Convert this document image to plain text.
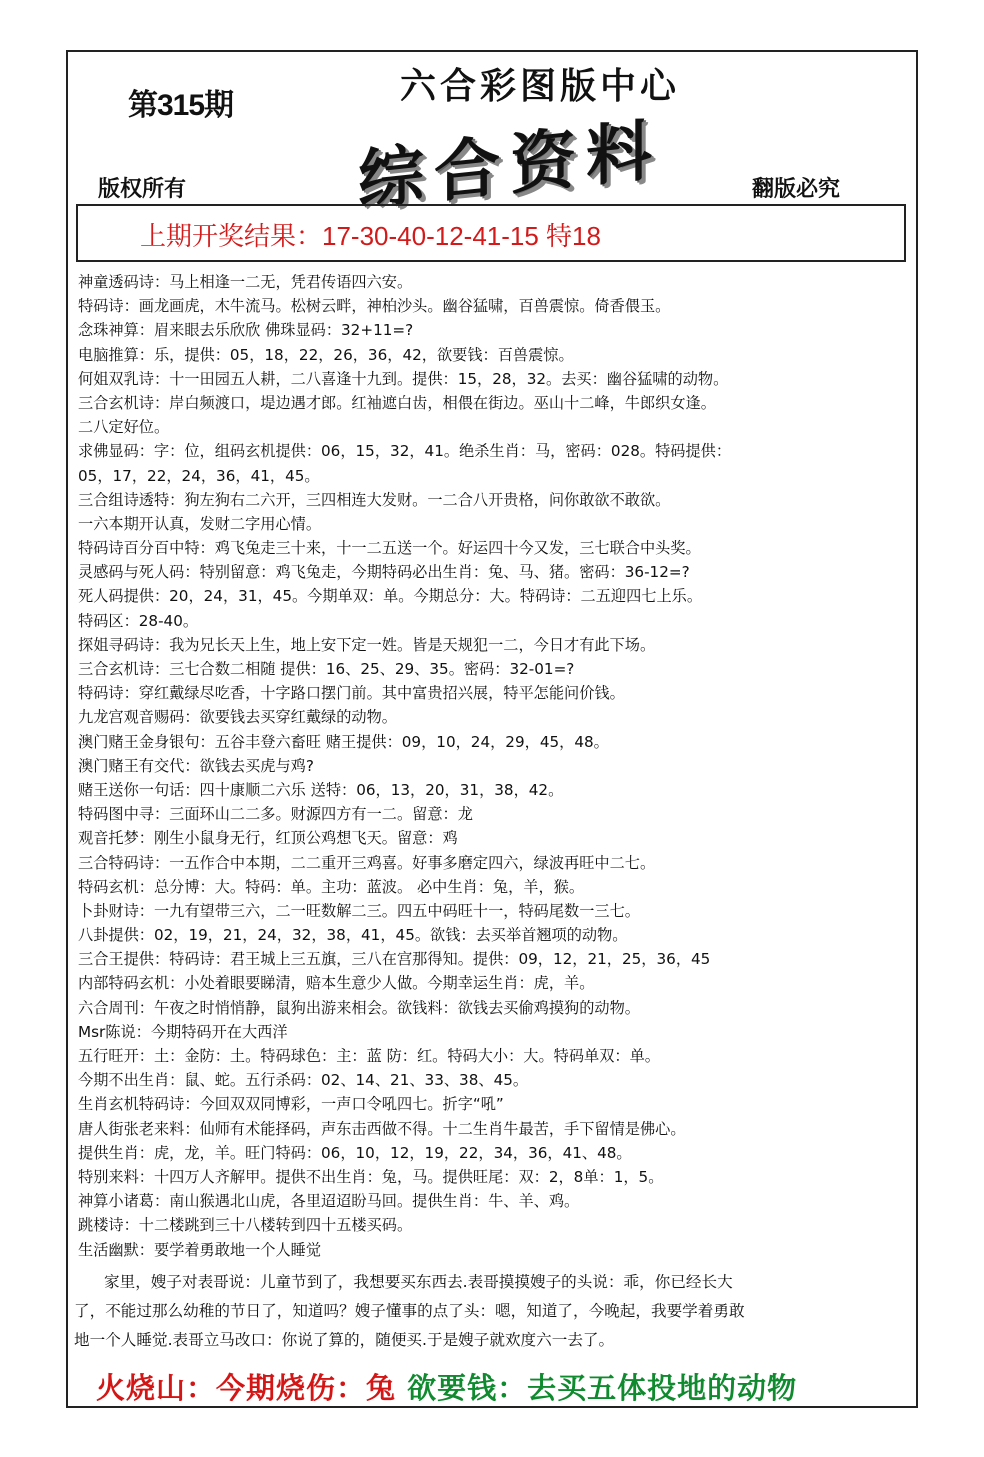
第315期	六合彩图版中心
综合资料
版权所有	翻版必究
上期开奖结果：17-30-40-12-41-15 特18
神童透码诗：马上相逢一二无，凭君传语四六安。
特码诗：画龙画虎，木牛流马。松树云畔，神柏沙头。幽谷猛啸，百兽震惊。倚香偎玉。
念珠神算：眉来眼去乐欣欣 佛珠显码：32+11=?
电脑推算：乐，提供：05，18，22，26，36，42，欲要钱：百兽震惊。
何姐双乳诗：十一田园五人耕，二八喜逢十九到。提供：15，28，32。去买：幽谷猛啸的动物。
三合玄机诗：岸白频渡口，堤边遇才郎。红袖遮白齿，相偎在街边。巫山十二峰，牛郎织女逢。
二八定好位。
求佛显码：字：位，组码玄机提供：06，15，32，41。绝杀生肖：马，密码：028。特码提供：
05，17，22，24，36，41，45。
三合组诗透特：狗左狗右二六开，三四相连大发财。一二合八开贵格，问你敢欲不敢欲。
一六本期开认真，发财二字用心情。
特码诗百分百中特：鸡飞兔走三十来，十一二五送一个。好运四十今又发，三七联合中头奖。
灵感码与死人码：特别留意：鸡飞兔走，今期特码必出生肖：兔、马、猪。密码：36-12=?
死人码提供：20，24，31，45。今期单双：单。今期总分：大。特码诗：二五迎四七上乐。
特码区：28-40。
探姐寻码诗：我为兄长天上生，地上安下定一姓。皆是天规犯一二，今日才有此下场。
三合玄机诗：三七合数二相随 提供：16、25、29、35。密码：32-01=?
特码诗：穿红戴绿尽吃香，十字路口摆门前。其中富贵招兴展，特平怎能问价钱。
九龙宫观音赐码：欲要钱去买穿红戴绿的动物。
澳门赌王金身银句：五谷丰登六畜旺 赌王提供：09，10，24，29，45，48。
澳门赌王有交代：欲钱去买虎与鸡?
赌王送你一句话：四十康顺二六乐 送特：06，13，20，31，38，42。
特码图中寻：三面环山二二多。财源四方有一二。留意：龙
观音托梦：刚生小鼠身无行，红顶公鸡想飞天。留意：鸡
三合特码诗：一五作合中本期，二二重开三鸡喜。好事多磨定四六，绿波再旺中二七。
特码玄机：总分博：大。特码：单。主功：蓝波。 必中生肖：兔，羊，猴。
卜卦财诗：一九有望带三六，二一旺数解二三。四五中码旺十一，特码尾数一三七。
八卦提供：02，19，21，24，32，38，41，45。欲钱：去买举首翘项的动物。
三合王提供：特码诗：君王城上三五旗，三八在宫那得知。提供：09，12，21，25，36，45
内部特码玄机：小处着眼要睇清，赔本生意少人做。今期幸运生肖：虎，羊。
六合周刊：午夜之时悄悄静，鼠狗出游来相会。欲钱料：欲钱去买偷鸡摸狗的动物。
Msr陈说：今期特码开在大西洋
五行旺开：土：金防：土。特码球色：主：蓝 防：红。特码大小：大。特码单双：单。
今期不出生肖：鼠、蛇。五行杀码：02、14、21、33、38、45。
生肖玄机特码诗：今回双双同博彩，一声口令吼四七。折字“吼”
唐人街张老来料：仙师有术能择码，声东击西做不得。十二生肖牛最苦，手下留情是佛心。
提供生肖：虎，龙，羊。旺门特码：06，10，12，19，22，34，36，41、48。
特别来料：十四万人齐解甲。提供不出生肖：兔，马。提供旺尾：双：2，8单：1，5。
神算小诸葛：南山猴遇北山虎，各里迢迢盼马回。提供生肖：牛、羊、鸡。
跳楼诗：十二楼跳到三十八楼转到四十五楼买码。
生活幽默：要学着勇敢地一个人睡觉
家里，嫂子对表哥说：儿童节到了，我想要买东西去.表哥摸摸嫂子的头说：乖，你已经长大
了，不能过那么幼稚的节日了，知道吗？嫂子懂事的点了头：嗯，知道了，今晚起，我要学着勇敢
地一个人睡觉.表哥立马改口：你说了算的，随便买.于是嫂子就欢度六一去了。
火烧山：今期烧伤：兔 欲要钱：去买五体投地的动物
